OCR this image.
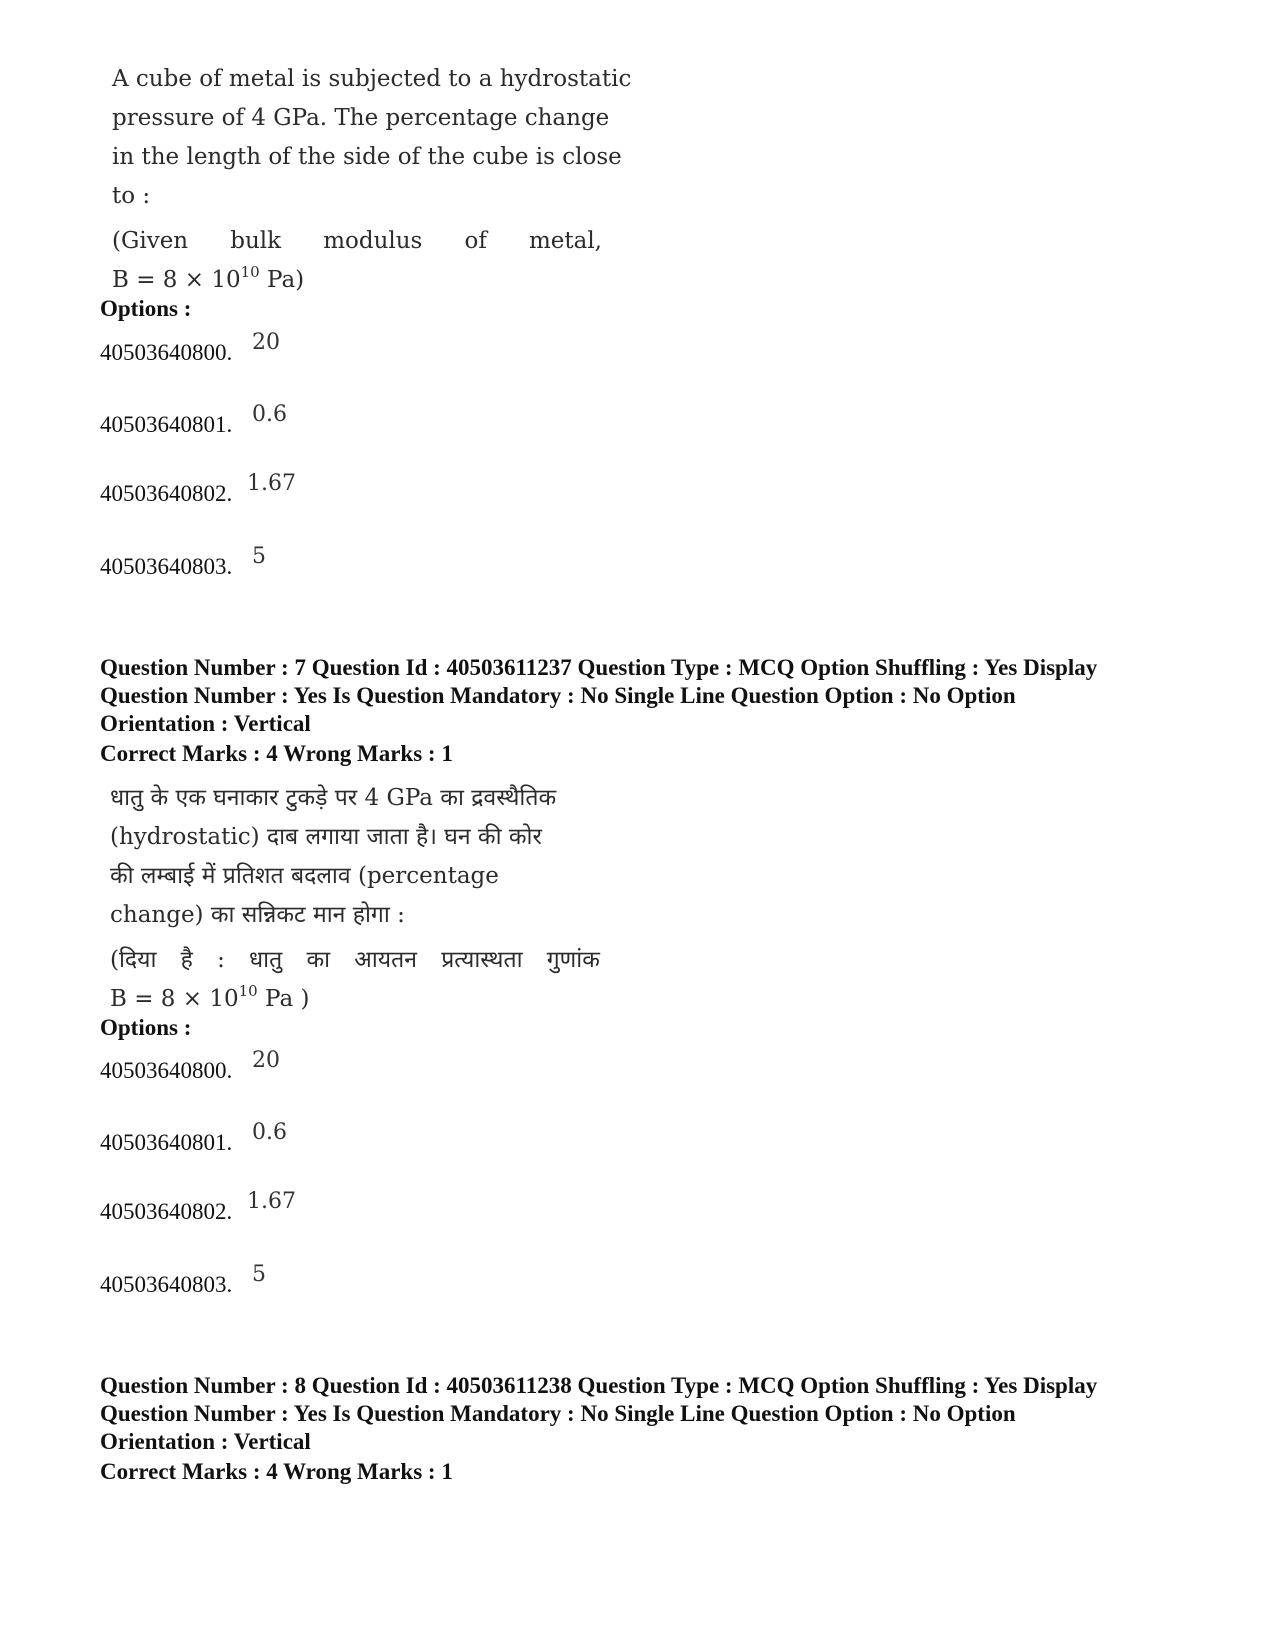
A cube of metal is subjected to a hydrostatic
pressure of 4 GPa. The percentage change
in the length of the side of the cube is close
to :
(Given bulk modulus of metal,
$B = 8 \times 10^{10}$ Pa)
Options :
40503640800. 20
40503640801. 0.6
40503640802. 1.67
40503640803. 5
Question Number : 7 Question Id : 40503611237 Question Type : MCQ Option Shuffling : Yes Display
Question Number : Yes Is Question Mandatory : No Single Line Question Option : No Option
Orientation : Vertical
Correct Marks : 4 Wrong Marks : 1
धातु के एक घनाकार टुकड़े पर 4 GPa का द्रवस्थैतिक
(hydrostatic) दाब लगाया जाता है। घन की कोर
की लम्बाई में प्रतिशत बदलाव (percentage
change) का सन्निकट मान होगा :
(दिया है : धातु का आयतन प्रत्यास्थता गुणांक
$B = 8 \times 10^{10}$ Pa )
Options :
40503640800. 20
40503640801. 0.6
40503640802. 1.67
40503640803. 5
Question Number : 8 Question Id : 40503611238 Question Type : MCQ Option Shuffling : Yes Display
Question Number : Yes Is Question Mandatory : No Single Line Question Option : No Option
Orientation : Vertical
Correct Marks : 4 Wrong Marks : 1
